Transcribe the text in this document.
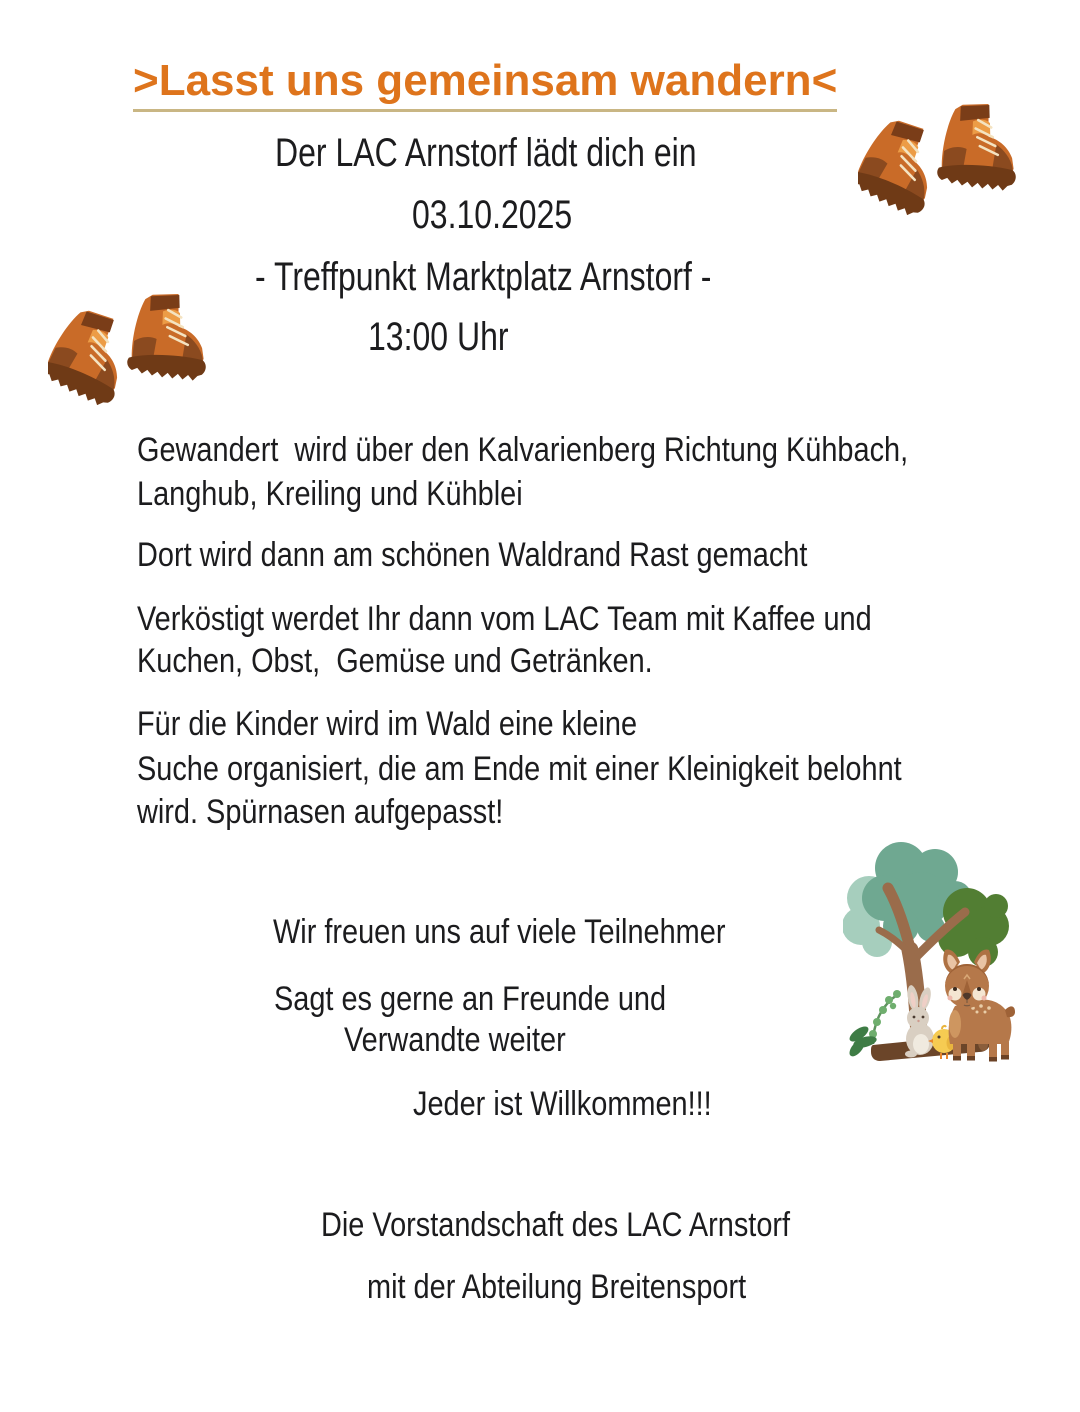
>Lasst uns gemeinsam wandern<
Der LAC Arnstorf lädt dich ein
03.10.2025
- Treffpunkt Marktplatz Arnstorf -
13:00 Uhr
Gewandert  wird über den Kalvarienberg Richtung Kühbach,
Langhub, Kreiling und Kühblei
Dort wird dann am schönen Waldrand Rast gemacht
Verköstigt werdet Ihr dann vom LAC Team mit Kaffee und
Kuchen, Obst,  Gemüse und Getränken.
Für die Kinder wird im Wald eine kleine
Suche organisiert, die am Ende mit einer Kleinigkeit belohnt
wird. Spürnasen aufgepasst!
Wir freuen uns auf viele Teilnehmer
Sagt es gerne an Freunde und
Verwandte weiter
Jeder ist Willkommen!!!
Die Vorstandschaft des LAC Arnstorf
mit der Abteilung Breitensport
